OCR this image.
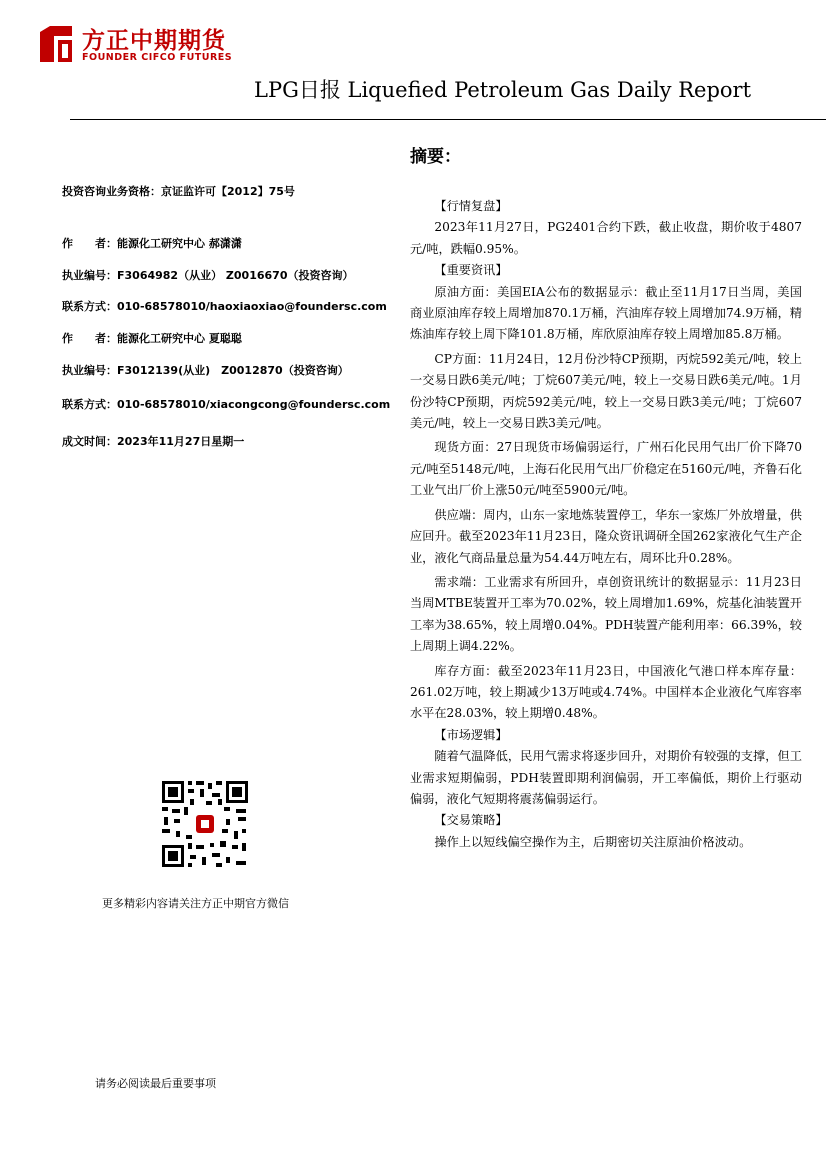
方正中期期货
FOUNDER CIFCO FUTURES
LPG日报 Liquefied Petroleum Gas Daily Report
投资咨询业务资格：京证监许可【2012】75号
作　　者：能源化工研究中心 郝潇潇
执业编号：F3064982（从业） Z0016670（投资咨询）
联系方式：010-68578010/haoxiaoxiao@foundersc.com
作　　者：能源化工研究中心 夏聪聪
执业编号：F3012139(从业)　Z0012870（投资咨询）
联系方式：010-68578010/xiacongcong@foundersc.com
成文时间：2023年11月27日星期一
更多精彩内容请关注方正中期官方微信
请务必阅读最后重要事项
摘要：

【行情复盘】

2023年11月27日，PG2401合约下跌，截止收盘，期价收于4807元/吨，跌幅0.95%。

【重要资讯】

原油方面：美国EIA公布的数据显示：截止至11月17日当周，美国商业原油库存较上周增加870.1万桶，汽油库存较上周增加74.9万桶，精炼油库存较上周下降101.8万桶，库欣原油库存较上周增加85.8万桶。

CP方面：11月24日，12月份沙特CP预期，丙烷592美元/吨，较上一交易日跌6美元/吨；丁烷607美元/吨，较上一交易日跌6美元/吨。1月份沙特CP预期，丙烷592美元/吨，较上一交易日跌3美元/吨；丁烷607美元/吨，较上一交易日跌3美元/吨。

现货方面：27日现货市场偏弱运行，广州石化民用气出厂价下降70元/吨至5148元/吨，上海石化民用气出厂价稳定在5160元/吨，齐鲁石化工业气出厂价上涨50元/吨至5900元/吨。

供应端：周内，山东一家地炼装置停工，华东一家炼厂外放增量，供应回升。截至2023年11月23日，隆众资讯调研全国262家液化气生产企业，液化气商品量总量为54.44万吨左右，周环比升0.28%。

需求端：工业需求有所回升，卓创资讯统计的数据显示：11月23日当周MTBE装置开工率为70.02%，较上周增加1.69%，烷基化油装置开工率为38.65%，较上周增0.04%。PDH装置产能利用率：66.39%，较上周期上调4.22%。

库存方面：截至2023年11月23日，中国液化气港口样本库存量：261.02万吨，较上期减少13万吨或4.74%。中国样本企业液化气库容率水平在28.03%，较上期增0.48%。

【市场逻辑】

随着气温降低，民用气需求将逐步回升，对期价有较强的支撑，但工业需求短期偏弱，PDH装置即期利润偏弱，开工率偏低，期价上行驱动偏弱，液化气短期将震荡偏弱运行。

【交易策略】

操作上以短线偏空操作为主，后期密切关注原油价格波动。
